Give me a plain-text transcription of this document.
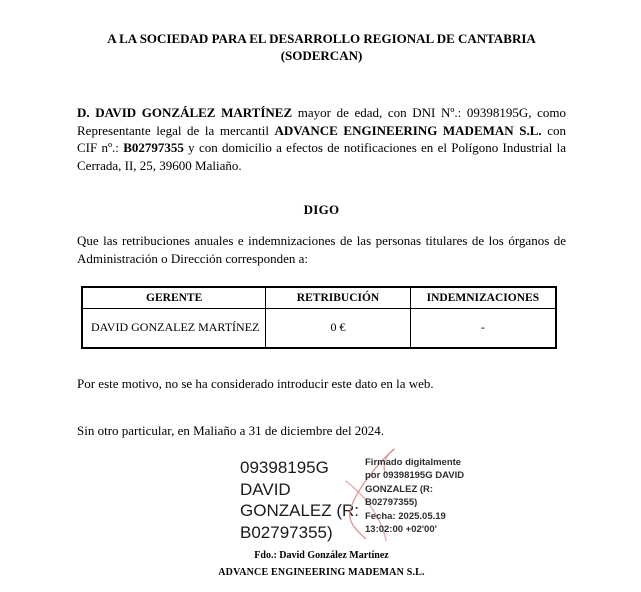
A LA SOCIEDAD PARA EL DESARROLLO REGIONAL DE CANTABRIA
(SODERCAN)

D. DAVID GONZÁLEZ MARTÍNEZ mayor de edad, con DNI Nº.: 09398195G, como Representante legal de la mercantil ADVANCE ENGINEERING MADEMAN S.L. con CIF nº.: B02797355 y con domicilio a efectos de notificaciones en el Polígono Industrial la Cerrada, II, 25, 39600 Maliaño.

DIGO

Que las retribuciones anuales e indemnizaciones de las personas titulares de los órganos de Administración o Dirección corresponden a:

GERENTE	RETRIBUCIÓN	INDEMNIZACIONES
DAVID GONZALEZ MARTÍNEZ	0 €	-

Por este motivo, no se ha considerado introducir este dato en la web.

Sin otro particular, en Maliaño a 31 de diciembre del 2024.

09398195G
DAVID
GONZALEZ (R:
B02797355)
Firmado digitalmente
por 09398195G DAVID
GONZALEZ (R:
B02797355)
Fecha: 2025.05.19
13:02:00 +02'00'
Fdo.: David González Martínez
ADVANCE ENGINEERING MADEMAN S.L.
